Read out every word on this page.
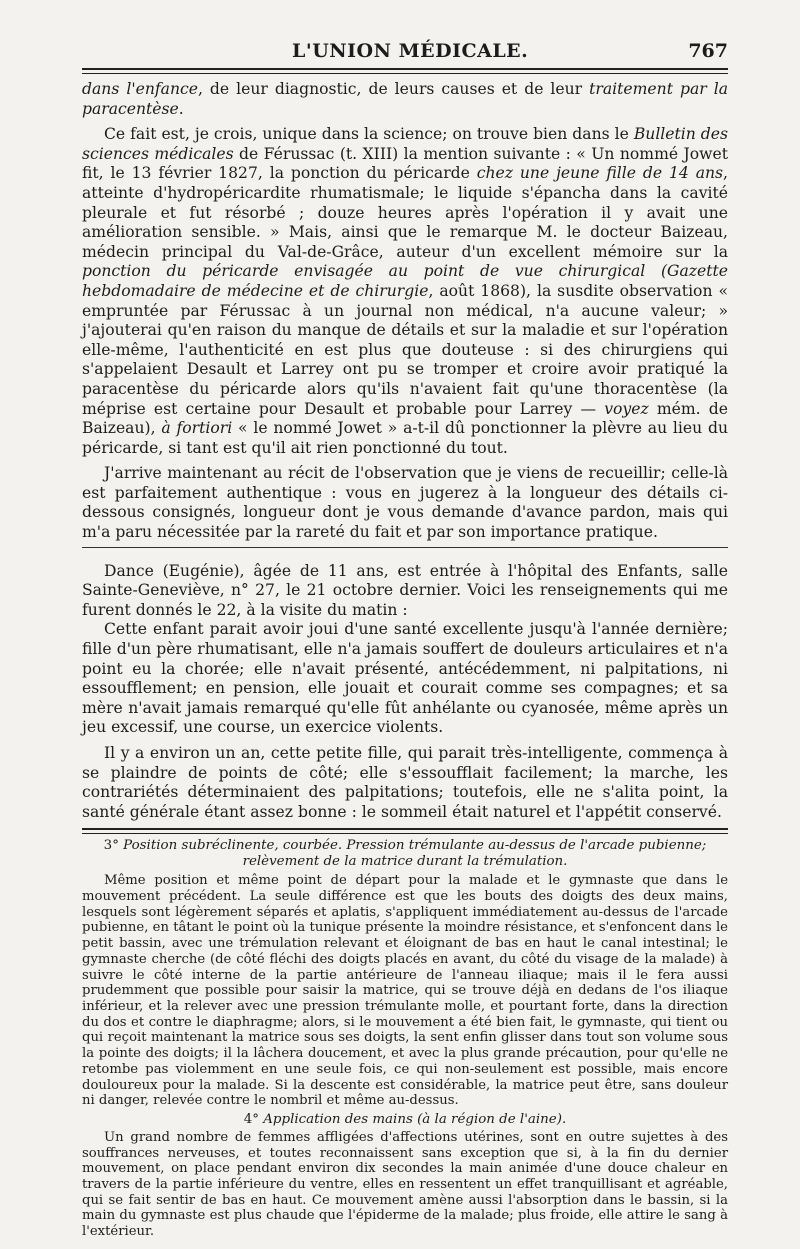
L'UNION MÉDICALE.	767

dans l'enfance, de leur diagnostic, de leurs causes et de leur traitement par la paracentèse.

Ce fait est, je crois, unique dans la science; on trouve bien dans le Bulletin des sciences médicales de Férussac (t. XIII) la mention suivante : « Un nommé Jowet fit, le 13 février 1827, la ponction du péricarde chez une jeune fille de 14 ans, atteinte d'hydropéricardite rhumatismale; le liquide s'épancha dans la cavité pleurale et fut résorbé ; douze heures après l'opération il y avait une amélioration sensible. » Mais, ainsi que le remarque M. le docteur Baizeau, médecin principal du Val-de-Grâce, auteur d'un excellent mémoire sur la ponction du péricarde envisagée au point de vue chirurgical (Gazette hebdomadaire de médecine et de chirurgie, août 1868), la susdite observation « empruntée par Férussac à un journal non médical, n'a aucune valeur; » j'ajouterai qu'en raison du manque de détails et sur la maladie et sur l'opération elle-même, l'authenticité en est plus que douteuse : si des chirurgiens qui s'appelaient Desault et Larrey ont pu se tromper et croire avoir pratiqué la paracentèse du péricarde alors qu'ils n'avaient fait qu'une thoracentèse (la méprise est certaine pour Desault et probable pour Larrey — voyez mém. de Baizeau), à fortiori « le nommé Jowet » a-t-il dû ponctionner la plèvre au lieu du péricarde, si tant est qu'il ait rien ponctionné du tout.

J'arrive maintenant au récit de l'observation que je viens de recueillir; celle-là est parfaitement authentique : vous en jugerez à la longueur des détails ci-dessous consignés, longueur dont je vous demande d'avance pardon, mais qui m'a paru nécessitée par la rareté du fait et par son importance pratique.

Dance (Eugénie), âgée de 11 ans, est entrée à l'hôpital des Enfants, salle Sainte-Geneviève, n° 27, le 21 octobre dernier. Voici les renseignements qui me furent donnés le 22, à la visite du matin :

Cette enfant parait avoir joui d'une santé excellente jusqu'à l'année dernière; fille d'un père rhumatisant, elle n'a jamais souffert de douleurs articulaires et n'a point eu la chorée; elle n'avait présenté, antécédemment, ni palpitations, ni essoufflement; en pension, elle jouait et courait comme ses compagnes; et sa mère n'avait jamais remarqué qu'elle fût anhélante ou cyanosée, même après un jeu excessif, une course, un exercice violents.

Il y a environ un an, cette petite fille, qui parait très-intelligente, commença à se plaindre de points de côté; elle s'essoufflait facilement; la marche, les contrariétés déterminaient des palpitations; toutefois, elle ne s'alita point, la santé générale étant assez bonne : le sommeil était naturel et l'appétit conservé.

3° Position subréclinente, courbée. Pression trémulante au-dessus de l'arcade pubienne; relèvement de la matrice durant la trémulation.

Même position et même point de départ pour la malade et le gymnaste que dans le mouvement précédent. La seule différence est que les bouts des doigts des deux mains, lesquels sont légèrement séparés et aplatis, s'appliquent immédiatement au-dessus de l'arcade pubienne, en tâtant le point où la tunique présente la moindre résistance, et s'enfoncent dans le petit bassin, avec une trémulation relevant et éloignant de bas en haut le canal intestinal; le gymnaste cherche (de côté fléchi des doigts placés en avant, du côté du visage de la malade) à suivre le côté interne de la partie antérieure de l'anneau iliaque; mais il le fera aussi prudemment que possible pour saisir la matrice, qui se trouve déjà en dedans de l'os iliaque inférieur, et la relever avec une pression trémulante molle, et pourtant forte, dans la direction du dos et contre le diaphragme; alors, si le mouvement a été bien fait, le gymnaste, qui tient ou qui reçoit maintenant la matrice sous ses doigts, la sent enfin glisser dans tout son volume sous la pointe des doigts; il la lâchera doucement, et avec la plus grande précaution, pour qu'elle ne retombe pas violemment en une seule fois, ce qui non-seulement est possible, mais encore douloureux pour la malade. Si la descente est considérable, la matrice peut être, sans douleur ni danger, relevée contre le nombril et même au-dessus.

4° Application des mains (à la région de l'aine).

Un grand nombre de femmes affligées d'affections utérines, sont en outre sujettes à des souffrances nerveuses, et toutes reconnaissent sans exception que si, à la fin du dernier mouvement, on place pendant environ dix secondes la main animée d'une douce chaleur en travers de la partie inférieure du ventre, elles en ressentent un effet tranquillisant et agréable, qui se fait sentir de bas en haut. Ce mouvement amène aussi l'absorption dans le bassin, si la main du gymnaste est plus chaude que l'épiderme de la malade; plus froide, elle attire le sang à l'extérieur.
